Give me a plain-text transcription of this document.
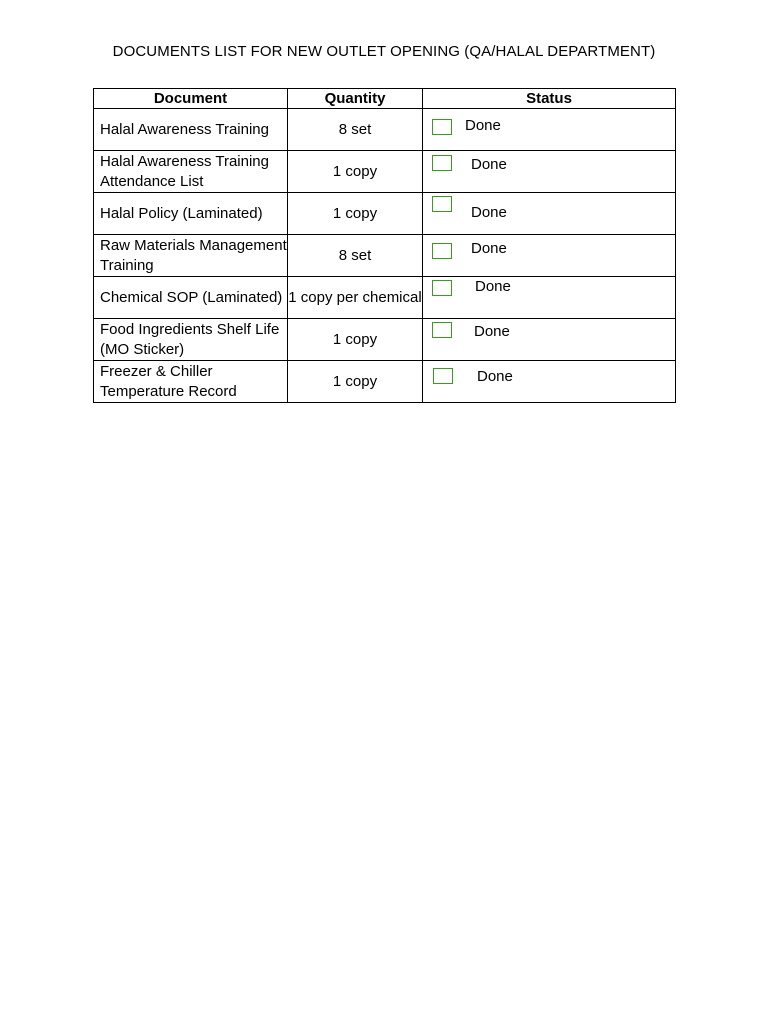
DOCUMENTS LIST FOR NEW OUTLET OPENING (QA/HALAL DEPARTMENT)
Document	Quantity	Status
Halal Awareness Training	8 set	Done

Halal Awareness Training Attendance List	1 copy	Done

Halal Policy (Laminated)	1 copy	Done

Raw Materials Management Training	8 set	Done

Chemical SOP (Laminated)	1 copy per chemical	Done

Food Ingredients Shelf Life (MO Sticker)	1 copy	Done

Freezer & Chiller Temperature Record	1 copy	Done
